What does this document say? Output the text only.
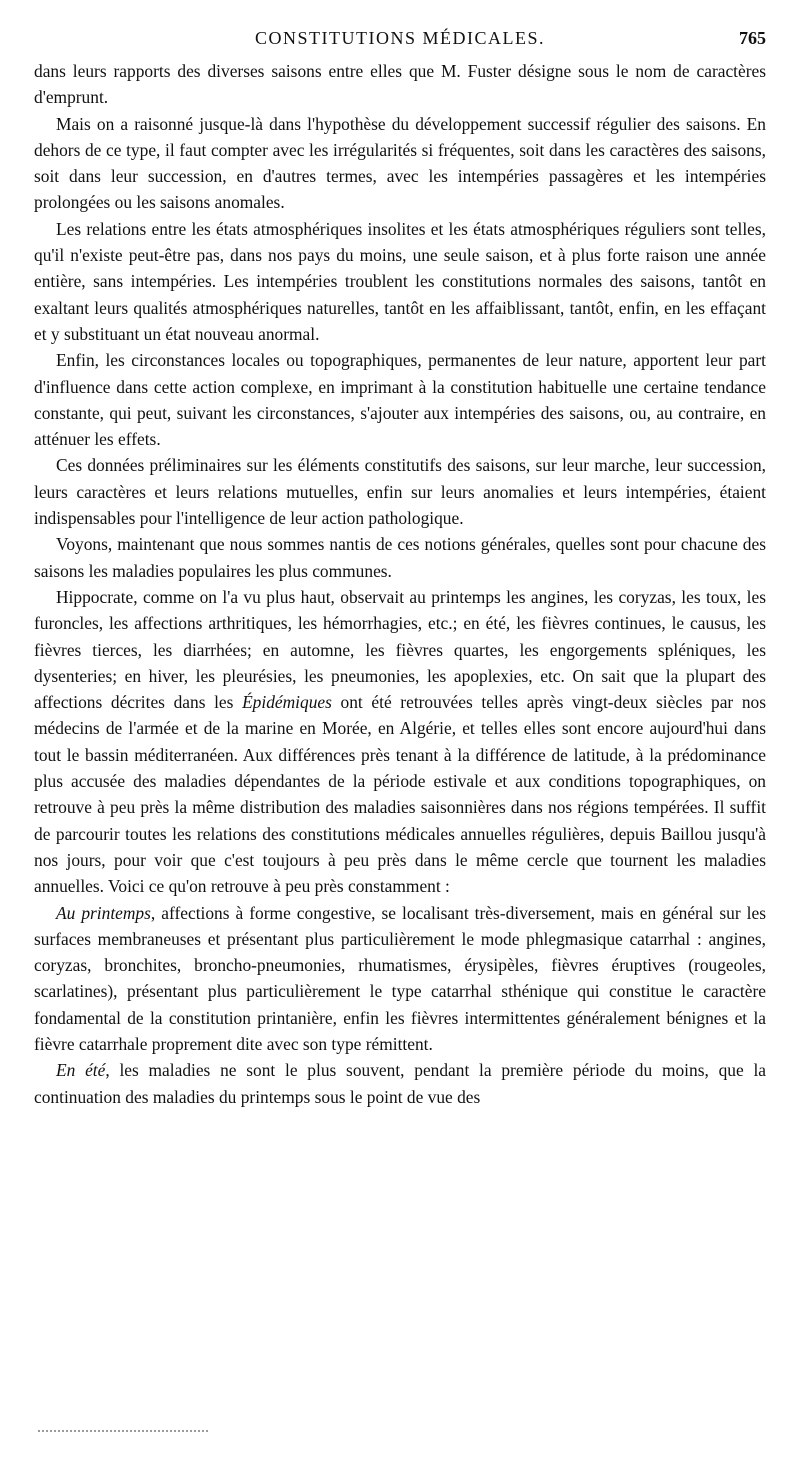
CONSTITUTIONS MÉDICALES.	765

dans leurs rapports des diverses saisons entre elles que M. Fuster désigne sous le nom de caractères d'emprunt.

Mais on a raisonné jusque-là dans l'hypothèse du développement successif régulier des saisons. En dehors de ce type, il faut compter avec les irrégularités si fréquentes, soit dans les caractères des saisons, soit dans leur succession, en d'autres termes, avec les intempéries passagères et les intempéries prolongées ou les saisons anomales.

Les relations entre les états atmosphériques insolites et les états atmosphériques réguliers sont telles, qu'il n'existe peut-être pas, dans nos pays du moins, une seule saison, et à plus forte raison une année entière, sans intempéries. Les intempéries troublent les constitutions normales des saisons, tantôt en exaltant leurs qualités atmosphériques naturelles, tantôt en les affaiblissant, tantôt, enfin, en les effaçant et y substituant un état nouveau anormal.

Enfin, les circonstances locales ou topographiques, permanentes de leur nature, apportent leur part d'influence dans cette action complexe, en imprimant à la constitution habituelle une certaine tendance constante, qui peut, suivant les circonstances, s'ajouter aux intempéries des saisons, ou, au contraire, en atténuer les effets.

Ces données préliminaires sur les éléments constitutifs des saisons, sur leur marche, leur succession, leurs caractères et leurs relations mutuelles, enfin sur leurs anomalies et leurs intempéries, étaient indispensables pour l'intelligence de leur action pathologique.

Voyons, maintenant que nous sommes nantis de ces notions générales, quelles sont pour chacune des saisons les maladies populaires les plus communes.

Hippocrate, comme on l'a vu plus haut, observait au printemps les angines, les coryzas, les toux, les furoncles, les affections arthritiques, les hémorrhagies, etc.; en été, les fièvres continues, le causus, les fièvres tierces, les diarrhées; en automne, les fièvres quartes, les engorgements spléniques, les dysenteries; en hiver, les pleurésies, les pneumonies, les apoplexies, etc. On sait que la plupart des affections décrites dans les Épidémiques ont été retrouvées telles après vingt-deux siècles par nos médecins de l'armée et de la marine en Morée, en Algérie, et telles elles sont encore aujourd'hui dans tout le bassin méditerranéen. Aux différences près tenant à la différence de latitude, à la prédominance plus accusée des maladies dépendantes de la période estivale et aux conditions topographiques, on retrouve à peu près la même distribution des maladies saisonnières dans nos régions tempérées. Il suffit de parcourir toutes les relations des constitutions médicales annuelles régulières, depuis Baillou jusqu'à nos jours, pour voir que c'est toujours à peu près dans le même cercle que tournent les maladies annuelles. Voici ce qu'on retrouve à peu près constamment :

Au printemps, affections à forme congestive, se localisant très-diversement, mais en général sur les surfaces membraneuses et présentant plus particulièrement le mode phlegmasique catarrhal : angines, coryzas, bronchites, broncho-pneumonies, rhumatismes, érysipèles, fièvres éruptives (rougeoles, scarlatines), présentant plus particulièrement le type catarrhal sthénique qui constitue le caractère fondamental de la constitution printanière, enfin les fièvres intermittentes généralement bénignes et la fièvre catarrhale proprement dite avec son type rémittent.

En été, les maladies ne sont le plus souvent, pendant la première période du moins, que la continuation des maladies du printemps sous le point de vue des
